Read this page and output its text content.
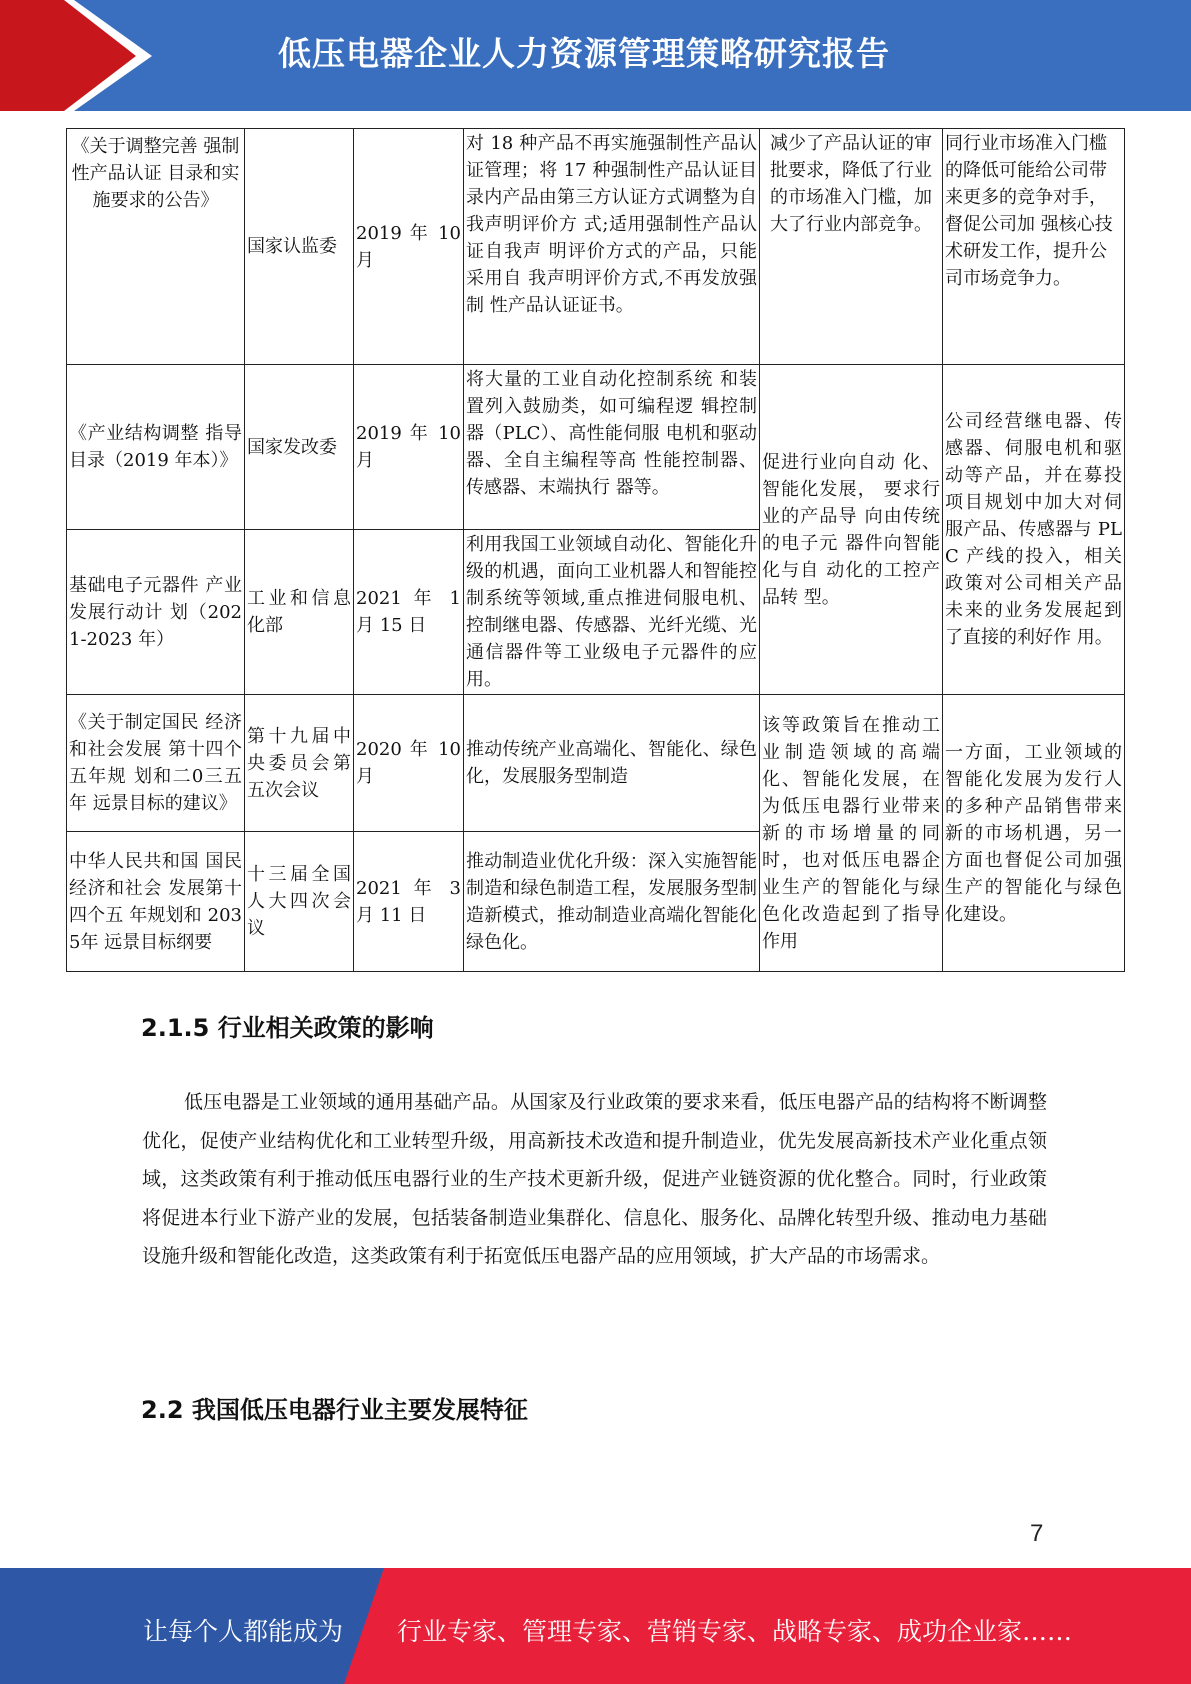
低压电器企业人力资源管理策略研究报告
《关于调整完善 强制性产品认证 目录和实施要求的公告》	国家认监委	2019 年 10 月	对 18 种产品不再实施强制性产品认证管理；将 17 种强制性产品认证目录内产品由第三方认证方式调整为自我声明评价方 式;适用强制性产品认证自我声 明评价方式的产品，只能采用自 我声明评价方式,不再发放强制 性产品认证证书。	减少了产品认证的审批要求，降低了行业的市场准入门槛，加大了行业内部竞争。	同行业市场准入门槛的降低可能给公司带来更多的竞争对手，督促公司加 强核心技术研发工作，提升公司市场竞争力。
《产业结构调整 指导目录（2019 年本）》	国家发改委	2019 年 10 月	将大量的工业自动化控制系统 和装置列入鼓励类，如可编程逻 辑控制器（PLC）、高性能伺服 电机和驱动器、全自主编程等高 性能控制器、传感器、末端执行 器等。	促进行业向自动 化、智能化发展， 要求行业的产品导 向由传统的电子元 器件向智能化与自 动化的工控产品转 型。	公司经营继电器、传感器、伺服电机和驱动等产品，并在募投项目规划中加大对伺服产品、传感器与 PLC 产线的投入，相关政策对公司相关产品未来的业务发展起到了直接的利好作 用。
基础电子元器件 产业发展行动计 划（2021-2023 年）	工业和信息化部	2021 年 1 月 15 日	利用我国工业领域自动化、智能化升级的机遇，面向工业机器人和智能控制系统等领域,重点推进伺服电机、控制继电器、传感器、光纤光缆、光通信器件等工业级电子元器件的应用。		
《关于制定国民 经济和社会发展 第十四个五年规 划和二0三五年 远景目标的建议》	第十九届中央委员会第五次会议	2020 年 10 月	推动传统产业高端化、智能化、绿色化，发展服务型制造	该等政策旨在推动工业制造领域的高端化、智能化发展，在为低压电器行业带来新的市场增量的同时，也对低压电器企业生产的智能化与绿色化改造起到了指导作用	一方面，工业领域的智能化发展为发行人的多种产品销售带来新的市场机遇，另一方面也督促公司加强生产的智能化与绿色化建设。
中华人民共和国 国民经济和社会 发展第十四个五 年规划和 2035年 远景目标纲要	十三届全国人大四次会议	2021 年 3 月 11 日	推动制造业优化升级：深入实施智能制造和绿色制造工程，发展服务型制造新模式，推动制造业高端化智能化绿色化。		
2.1.5 行业相关政策的影响
低压电器是工业领域的通用基础产品。从国家及行业政策的要求来看，低压电器产品的结构将不断调整优化，促使产业结构优化和工业转型升级，用高新技术改造和提升制造业，优先发展高新技术产业化重点领域，这类政策有利于推动低压电器行业的生产技术更新升级，促进产业链资源的优化整合。同时，行业政策将促进本行业下游产业的发展，包括装备制造业集群化、信息化、服务化、品牌化转型升级、推动电力基础设施升级和智能化改造，这类政策有利于拓宽低压电器产品的应用领域，扩大产品的市场需求。
2.2 我国低压电器行业主要发展特征
7
让每个人都能成为 行业专家、管理专家、营销专家、战略专家、成功企业家……
